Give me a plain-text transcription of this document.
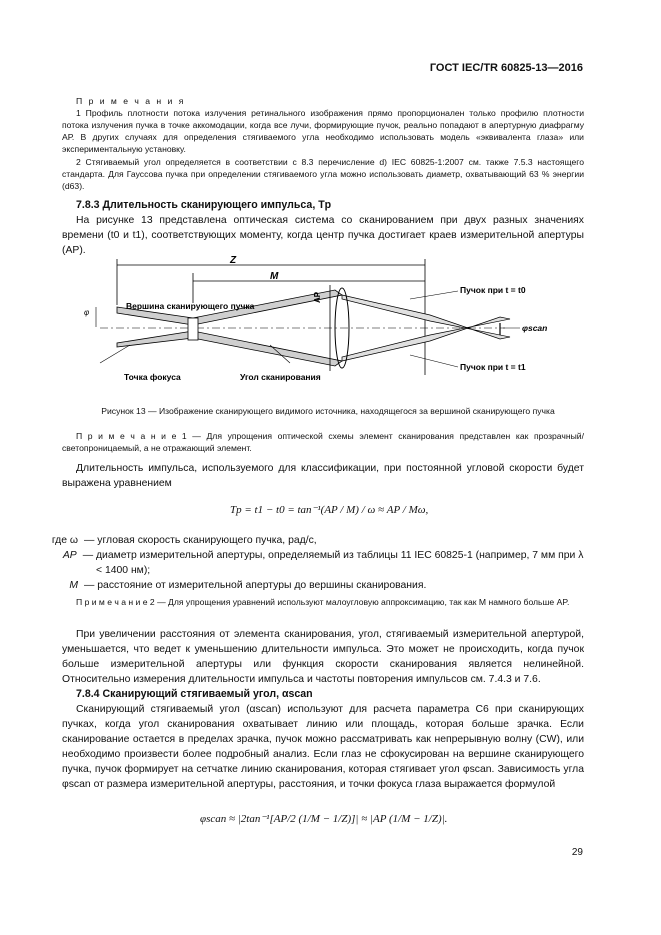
ГОСТ IEC/TR 60825-13—2016
П р и м е ч а н и я
1 Профиль плотности потока излучения ретинального изображения прямо пропорционален только профилю плотности потока излучения пучка в точке аккомодации, когда все лучи, формирующие пучок, реально попадают в апертурную диафрагму АР. В других случаях для определения стягиваемого угла необходимо использовать модель «эквивалента глаза» или экспериментальную установку.
2 Стягиваемый угол определяется в соответствии с 8.3 перечисление d) IEC 60825-1:2007 см. также 7.5.3 настоящего стандарта. Для Гауссова пучка при определении стягиваемого угла можно использовать диаметр, охватывающий 63 % энергии (d63).
7.8.3 Длительность сканирующего импульса, Tp
На рисунке 13 представлена оптическая система со сканированием при двух разных значениях времени (t0 и t1), соответствующих моменту, когда центр пучка достигает краев измерительной апертуры (АР).
Z
M
AP
φ
Вершина сканирующего пучка
Пучок при t = t0
Пучок при t = t1
φscan
Точка фокуса	Угол сканирования
Рисунок 13 — Изображение сканирующего видимого источника, находящегося за вершиной сканирующего пучка
П р и м е ч а н и е 1 — Для упрощения оптической схемы элемент сканирования представлен как прозрачный/светопроницаемый, а не отражающий элемент.
Длительность импульса, используемого для классификации, при постоянной угловой скорости будет выражена уравнением
Tp = t1 − t0 = tan⁻¹(AP / M) / ω ≈ AP / Mω,
где ω — угловая скорость сканирующего пучка, рад/с,
AP — диаметр измерительной апертуры, определяемый из таблицы 11 IEC 60825-1 (например, 7 мм при λ < 1400 нм);
M — расстояние от измерительной апертуры до вершины сканирования.
П р и м е ч а н и е 2 — Для упрощения уравнений используют малоугловую аппроксимацию, так как M намного больше AP.
При увеличении расстояния от элемента сканирования, угол, стягиваемый измерительной апертурой, уменьшается, что ведет к уменьшению длительности импульса. Это может не происходить, когда пучок больше измерительной апертуры или функция скорости сканирования является нелинейной. Относительно измерения длительности импульса и частоты повторения импульсов см. 7.4.3 и 7.6.
7.8.4 Сканирующий стягиваемый угол, αscan
Сканирующий стягиваемый угол (αscan) используют для расчета параметра C6 при сканирующих пучках, когда угол сканирования охватывает линию или площадь, которая больше зрачка. Если сканирование остается в пределах зрачка, пучок можно рассматривать как непрерывную волну (CW), или необходимо произвести более подробный анализ. Если глаз не сфокусирован на вершине сканирующего пучка, пучок формирует на сетчатке линию сканирования, которая стягивает угол φscan. Зависимость угла φscan от размера измерительной апертуры, расстояния, и точки фокуса глаза выражается формулой
φscan ≈ |2tan⁻¹[AP/2 (1/M − 1/Z)]| ≈ |AP (1/M − 1/Z)|.
29
